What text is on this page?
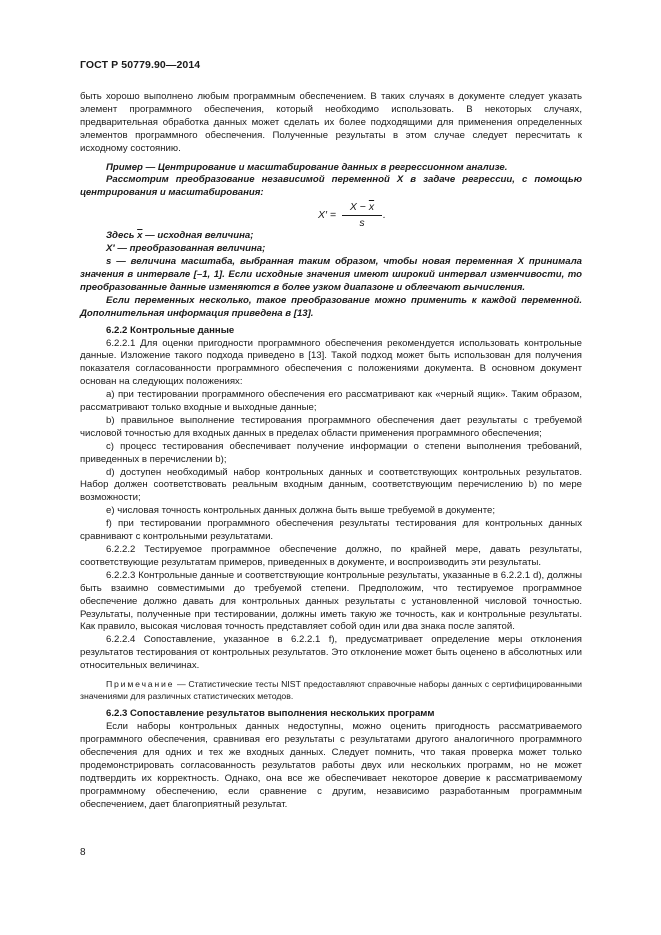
ГОСТ Р 50779.90—2014

быть хорошо выполнено любым программным обеспечением. В таких случаях в документе следует указать элемент программного обеспечения, который необходимо использовать. В некоторых случаях, предварительная обработка данных может сделать их более подходящими для применения определенных элементов программного обеспечения. Полученные результаты в этом случае следует пересчитать к исходному состоянию.

Пример — Центрирование и масштабирование данных в регрессионном анализе.

Рассмотрим преобразование независимой переменной X в задаче регрессии, с помощью центрирования и масштабирования:

$X' = \frac{X - \overline{x}}{s}$ .

Здесь $\overline{x}$ — исходная величина;

X′ — преобразованная величина;

s — величина масштаба, выбранная таким образом, чтобы новая переменная X принимала значения в интервале [–1, 1]. Если исходные значения имеют широкий интервал изменчивости, то преобразованные данные изменяются в более узком диапазоне и облегчают вычисления.

Если переменных несколько, такое преобразование можно применить к каждой переменной. Дополнительная информация приведена в [13].

6.2.2 Контрольные данные

6.2.2.1 Для оценки пригодности программного обеспечения рекомендуется использовать контрольные данные. Изложение такого подхода приведено в [13]. Такой подход может быть использован для получения показателя согласованности программного обеспечения с положениями документа. В основном документ основан на следующих положениях:

a) при тестировании программного обеспечения его рассматривают как «черный ящик». Таким образом, рассматривают только входные и выходные данные;

b) правильное выполнение тестирования программного обеспечения дает результаты с требуемой числовой точностью для входных данных в пределах области применения программного обеспечения;

c) процесс тестирования обеспечивает получение информации о степени выполнения требований, приведенных в перечислении b);

d) доступен необходимый набор контрольных данных и соответствующих контрольных результатов. Набор должен соответствовать реальным входным данным, соответствующим перечислению b) по мере возможности;

e) числовая точность контрольных данных должна быть выше требуемой в документе;

f) при тестировании программного обеспечения результаты тестирования для контрольных данных сравнивают с контрольными результатами.

6.2.2.2 Тестируемое программное обеспечение должно, по крайней мере, давать результаты, соответствующие результатам примеров, приведенных в документе, и воспроизводить эти результаты.

6.2.2.3 Контрольные данные и соответствующие контрольные результаты, указанные в 6.2.2.1 d), должны быть взаимно совместимыми до требуемой степени. Предположим, что тестируемое программное обеспечение должно давать для контрольных данных результаты с установленной числовой точностью. Результаты, полученные при тестировании, должны иметь такую же точность, как и контрольные результаты. Как правило, высокая числовая точность представляет собой один или два знака после запятой.

6.2.2.4 Сопоставление, указанное в 6.2.2.1 f), предусматривает определение меры отклонения результатов тестирования от контрольных результатов. Это отклонение может быть оценено в абсолютных или относительных величинах.

Примечание — Статистические тесты NIST предоставляют справочные наборы данных с сертифицированными значениями для различных статистических методов.

6.2.3 Сопоставление результатов выполнения нескольких программ

Если наборы контрольных данных недоступны, можно оценить пригодность рассматриваемого программного обеспечения, сравнивая его результаты с результатами другого аналогичного программного обеспечения для одних и тех же входных данных. Следует помнить, что такая проверка может только продемонстрировать согласованность результатов работы двух или нескольких программ, но не может подтвердить их корректность. Однако, она все же обеспечивает некоторое доверие к рассматриваемому программному обеспечению, если сравнение с другим, независимо разработанным программным обеспечением, дает благоприятный результат.

8
